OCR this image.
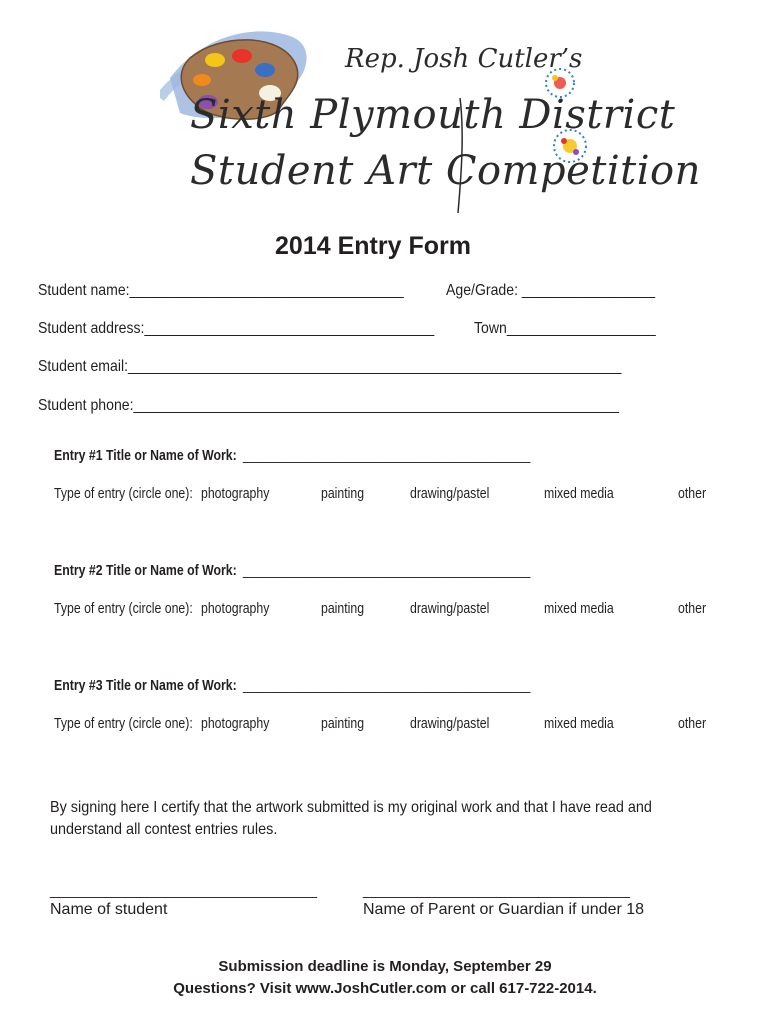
Rep. Josh Cutler’s
Sixth Plymouth District
Student Art Competition
2014 Entry Form
Student name:___________________________________	Age/Grade: _________________
Student address:_____________________________________ Town___________________
Student email:_______________________________________________________________
Student phone:______________________________________________________________
Entry #1 Title or Name of Work: __________________________________________
Type of entry (circle one): photography	painting	drawing/pastel	mixed media	other
Entry #2 Title or Name of Work: __________________________________________
Type of entry (circle one): photography	painting	drawing/pastel	mixed media	other
Entry #3 Title or Name of Work: __________________________________________
Type of entry (circle one): photography	painting	drawing/pastel	mixed media	other
By signing here I certify that the artwork submitted is my original work and that I have read and understand all contest entries rules.
________________________________
Name of student
________________________________
Name of Parent or Guardian if under 18
Submission deadline is Monday, September 29
Questions? Visit www.JoshCutler.com or call 617-722-2014.
